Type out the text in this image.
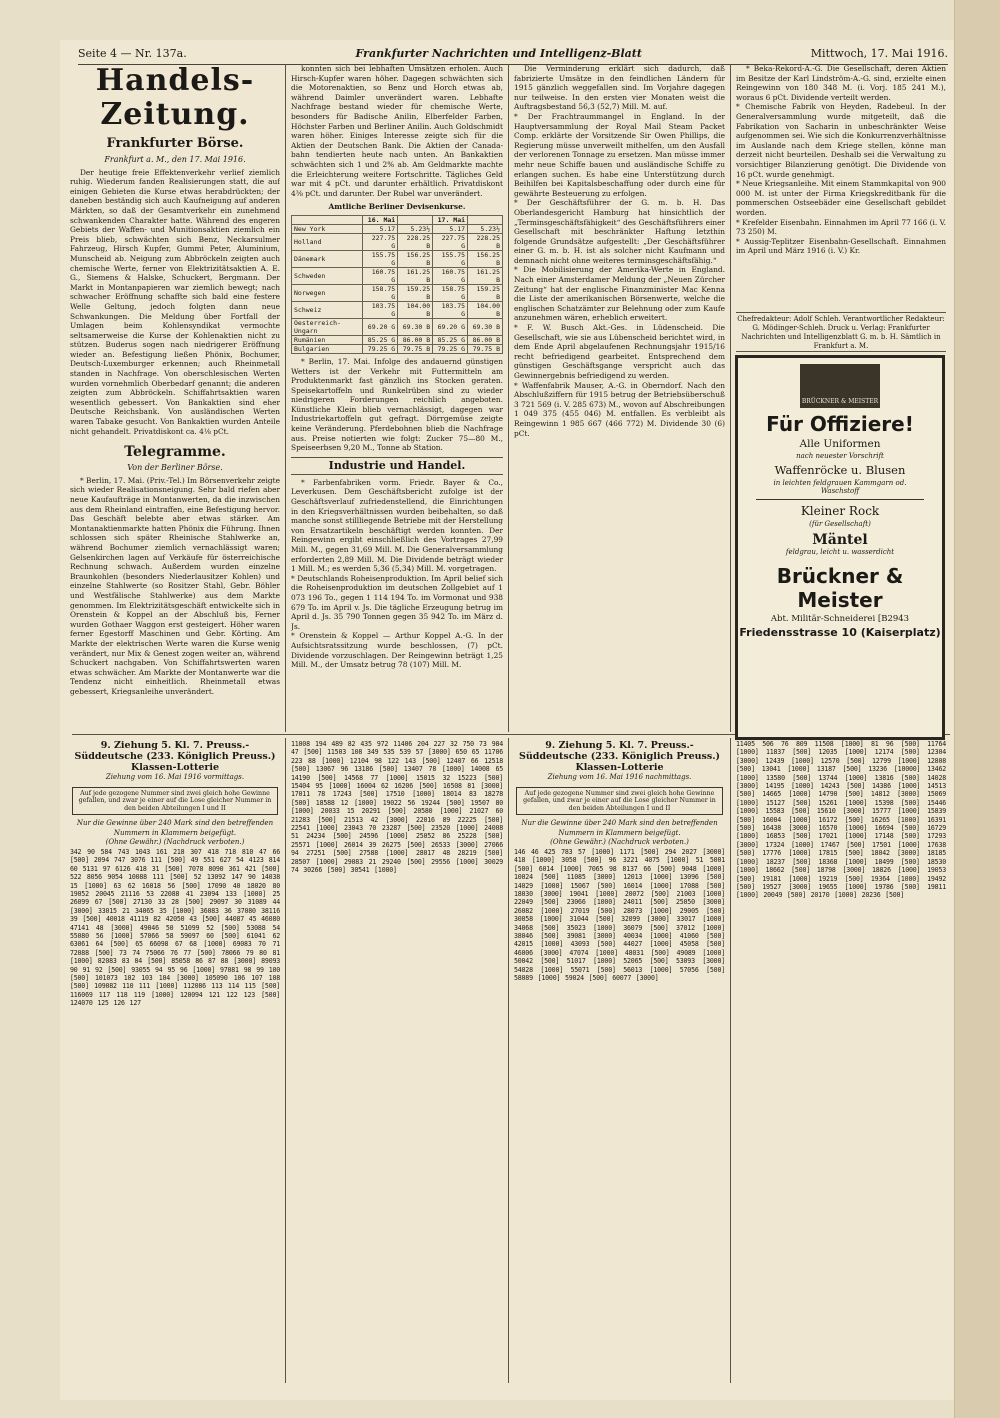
Seite 4 — Nr. 137a.	Frankfurter Nachrichten und Intelligenz-Blatt	Mittwoch, 17. Mai 1916.
Handels-Zeitung.
Frankfurter Börse.
Frankfurt a. M., den 17. Mai 1916.

Der heutige freie Effektenverkehr verlief ziemlich ruhig. Wiederum fanden Realisierungen statt, die auf einigen Gebieten die Kurse etwas herabdrückten; der daneben beständig sich auch Kaufneigung auf anderen Märkten, so daß der Gesamtverkehr ein zunehmend schwankenden Charakter hatte. Während des engeren Gebiets der Waffen- und Munitionsaktien ziemlich ein Preis blieb, schwächten sich Benz, Neckarsulmer Fahrzeug, Hirsch Kupfer, Gummi Peter, Aluminium, Munscheid ab. Neigung zum Abbröckeln zeigten auch chemische Werte, ferner von Elektrizitätsaktien A. E. G., Siemens & Halske, Schuckert, Bergmann. Der Markt in Montanpapieren war ziemlich bewegt; nach schwacher Eröffnung schaffte sich bald eine festere Welle Geltung, jedoch folgten dann neue Schwankungen. Die Meldung über Fortfall der Umlagen beim Kohlensyndikat vermochte seltsamerweise die Kurse der Kohlenaktien nicht zu stützen. Buderus sogen nach niedrigerer Eröffnung wieder an. Befestigung ließen Phönix, Bochumer, Deutsch-Luxemburger erkennen; auch Rheinmetall standen in Nachfrage. Von oberschlesischen Werten wurden vornehmlich Oberbedarf genannt; die anderen zeigten zum Abbröckeln. Schiffahrtsaktien waren wesentlich gebessert. Von Bankaktien sind eher Deutsche Reichsbank. Von ausländischen Werten waren Tabake gesucht. Von Bankaktien wurden Anteile nicht gehandelt. Privatdiskont ca. 4⅛ pCt.

Telegramme.
Von der Berliner Börse.

* Berlin, 17. Mai. (Priv.-Tel.) Im Börsenverkehr zeigte sich wieder Realisationsneigung. Sehr bald riefen aber neue Kaufaufträge in Montanwerten, da die inzwischen aus dem Rheinland eintraffen, eine Befestigung hervor. Das Geschäft belebte aber etwas stärker. Am Montanaktienmarkte hatten Phönix die Führung. Ihnen schlossen sich später Rheinische Stahlwerke an, während Bochumer ziemlich vernachlässigt waren; Gelsenkirchen lagen auf Verkäufe für österreichische Rechnung schwach. Außerdem wurden einzelne Braunkohlen (besonders Niederlausitzer Kohlen) und einzelne Stahlwerte (so Rositzer Stahl, Gebr. Böhler und Westfälische Stahlwerke) aus dem Markte genommen. Im Elektrizitätsgeschäft entwickelte sich in Orenstein & Koppel an der Abschluß bis, Ferner wurden Gothaer Waggon erst gesteigert. Höher waren ferner Egestorff Maschinen und Gebr. Körting. Am Markte der elektrischen Werte waren die Kurse wenig verändert, nur Mix & Genest zogen weiter an, während Schuckert nachgaben. Von Schiffahrtswerten waren etwas schwächer. Am Markte der Montanwerte war die Tendenz nicht einheitlich. Rheinmetall etwas gebessert, Kriegsanleihe unverändert.

konnten sich bei lebhaften Umsätzen erholen. Auch Hirsch-Kupfer waren höher. Dagegen schwächten sich die Motorenaktien, so Benz und Horch etwas ab, während Daimler unverändert waren. Lebhafte Nachfrage bestand wieder für chemische Werte, besonders für Badische Anilin, Elberfelder Farben, Höchster Farben und Berliner Anilin. Auch Goldschmidt waren höher. Einiges Interesse zeigte sich für die Aktien der Deutschen Bank. Die Aktien der Canada-bahn tendierten heute nach unten. An Bankaktien schwächten sich 1 und 2% ab. Am Geldmarkte machte die Erleichterung weitere Fortschritte. Tägliches Geld war mit 4 pCt. und darunter erhältlich. Privatdiskont 4⅜ pCt. und darunter. Der Rubel war unverändert.

Amtliche Berliner Devisenkurse.
	16. Mai		17. Mai	
New York	5.17	5.23½	5.17	5.23½
Holland	227.75 G	228.25 B	227.75 G	228.25 B
Dänemark	155.75 G	156.25 B	155.75 G	156.25 B
Schweden	160.75 G	161.25 B	160.75 G	161.25 B
Norwegen	158.75 G	159.25 B	158.75 G	159.25 B
Schweiz	103.75 G	104.00 B	103.75 G	104.00 B
Oesterreich-Ungarn	69.20 G	69.30 B	69.20 G	69.30 B
Rumänien	85.25 G	86.00 B	85.25 G	86.00 B
Bulgarien	79.25 G	79.75 B	79.25 G	79.75 B

* Berlin, 17. Mai. Infolge des andauernd günstigen Wetters ist der Verkehr mit Futtermitteln am Produktenmarkt fast gänzlich ins Stocken geraten. Speisekartoffeln und Runkelrüben sind zu wieder niedrigeren Forderungen reichlich angeboten. Künstliche Klein blieb vernachlässigt, dagegen war Industriekartoffeln gut gefragt. Dörrgemüse zeigte keine Veränderung. Pferdebohnen blieb die Nachfrage aus. Preise notierten wie folgt: Zucker 75—80 M., Speiseerbsen 9,20 M., Tonne ab Station.

Industrie und Handel.

* Farbenfabriken vorm. Friedr. Bayer & Co., Leverkusen. Dem Geschäftsbericht zufolge ist der Geschäftsverlauf zufriedenstellend, die Einrichtungen in den Kriegsverhältnissen wurden beibehalten, so daß manche sonst stillliegende Betriebe mit der Herstellung von Ersatzartikeln beschäftigt werden konnten. Der Reingewinn ergibt einschließlich des Vortrages 27,99 Mill. M., gegen 31,69 Mill. M. Die Generalversammlung erforderten 2,89 Mill. M. Die Dividende beträgt wieder 1 Mill. M.; es werden 5,36 (5,34) Mill. M. vorgetragen.
* Deutschlands Roheisenproduktion. Im April belief sich die Roheisenproduktion im deutschen Zollgebiet auf 1 073 196 To., gegen 1 114 194 To. im Vormonat und 938 679 To. im April v. Js. Die tägliche Erzeugung betrug im April d. Js. 35 790 Tonnen gegen 35 942 To. im März d. Js.
* Orenstein & Koppel — Arthur Koppel A.-G. In der Aufsichtsratssitzung wurde beschlossen, (7) pCt. Dividende vorzuschlagen. Der Reingewinn beträgt 1,25 Mill. M., der Umsatz betrug 78 (107) Mill. M.

Die Verminderung erklärt sich dadurch, daß fabrizierte Umsätze in den feindlichen Ländern für 1915 gänzlich weggefallen sind. Im Vorjahre dagegen nur teilweise. In den ersten vier Monaten weist die Auftragsbestand 56,3 (52,7) Mill. M. auf.
* Der Frachtraummangel in England. In der Hauptversammlung der Royal Mail Steam Packet Comp. erklärte der Vorsitzende Sir Owen Phillips, die Regierung müsse unverweilt mithelfen, um den Ausfall der verlorenen Tonnage zu ersetzen. Man müsse immer mehr neue Schiffe bauen und ausländische Schiffe zu erlangen suchen. Es habe eine Unterstützung durch Beihilfen bei Kapitalsbeschaffung oder durch eine für gewährte Besteuerung zu erfolgen.
* Der Geschäftsführer der G. m. b. H. Das Oberlandesgericht Hamburg hat hinsichtlich der „Terminsgeschäftsfähigkeit“ des Geschäftsführers einer Gesellschaft mit beschränkter Haftung letzthin folgende Grundsätze aufgestellt: „Der Geschäftsführer einer G. m. b. H. ist als solcher nicht Kaufmann und demnach nicht ohne weiteres terminsgeschäftsfähig.“
* Die Mobilisierung der Amerika-Werte in England. Nach einer Amsterdamer Meldung der „Neuen Zürcher Zeitung“ hat der englische Finanzminister Mac Kenna die Liste der amerikanischen Börsenwerte, welche die englischen Schatzämter zur Belehnung oder zum Kaufe anzunehmen wären, erheblich erweitert.
* F. W. Busch Akt.-Ges. in Lüdenscheid. Die Gesellschaft, wie sie aus Lübenscheid berichtet wird, in dem Ende April abgelaufenen Rechnungsjahr 1915/16 recht befriedigend gearbeitet. Entsprechend dem günstigen Geschäftsgange verspricht auch das Gewinnergebnis befriedigend zu werden.
* Waffenfabrik Mauser, A.-G. in Oberndorf. Nach den Abschlußziffern für 1915 betrug der Betriebsüberschuß 3 721 569 (i. V. 285 673) M., wovon auf Abschreibungen 1 049 375 (455 046) M. entfallen. Es verbleibt als Reingewinn 1 985 667 (466 772) M. Dividende 30 (6) pCt.

* Beka-Rekord-A.-G. Die Gesellschaft, deren Aktien im Besitze der Karl Lindström-A.-G. sind, erzielte einen Reingewinn von 180 348 M. (i. Vorj. 185 241 M.), woraus 6 pCt. Dividende verteilt werden.
* Chemische Fabrik von Heyden, Radebeul. In der Generalversammlung wurde mitgeteilt, daß die Fabrikation von Sacharin in unbeschränkter Weise aufgenommen sei. Wie sich die Konkurrenzverhältnisse im Auslande nach dem Kriege stellen, könne man derzeit nicht beurteilen. Deshalb sei die Verwaltung zu vorsichtiger Bilanzierung genötigt. Die Dividende von 16 pCt. wurde genehmigt.
* Neue Kriegsanleihe. Mit einem Stammkapital von 900 000 M. ist unter der Firma Kriegskreditbank für die pommerschen Ostseebäder eine Gesellschaft gebildet worden.
* Krefelder Eisenbahn. Einnahmen im April 77 166 (i. V. 73 250) M.
* Aussig-Teplitzer Eisenbahn-Gesellschaft. Einnahmen im April und März 1916 (i. V.) Kr.

Chefredakteur: Adolf Schleh. Verantwortlicher Redakteur: G. Mödinger-Schleh. Druck u. Verlag: Frankfurter Nachrichten und Intelligenzblatt G. m. b. H. Sämtlich in Frankfurt a. M.
BRÜCKNER & MEISTER
Für Offiziere!
Alle Uniformen
nach neuester Vorschrift
Waffenröcke u. Blusen
in leichten feldgrauen Kammgarn od. Waschstoff
Kleiner Rock
(für Gesellschaft)
Mäntel
feldgrau, leicht u. wasserdicht
Brückner & Meister
Abt. Militär-Schneiderei [B2943
Friedensstrasse 10 (Kaiserplatz)
9. Ziehung 5. Kl. 7. Preuss.-Süddeutsche (233. Königlich Preuss.) Klassen-Lotterie
Ziehung vom 16. Mai 1916 vormittags.
Auf jede gezogene Nummer sind zwei gleich hohe Gewinne gefallen, und zwar je einer auf die Lose gleicher Nummer in den beiden Abteilungen I und II
Nur die Gewinne über 240 Mark sind den betreffenden Nummern in Klammern beigefügt.
(Ohne Gewähr.) (Nachdruck verboten.)
342 90 584 743 1043 161 218 307 418 718 810 47 66 [500] 2094 747 3076 111 [500] 49 551 627 54 4123 814 60 5131 97 6126 418 31 [500] 7078 8090 361 421 [500] 522 8056 9054 10088 111 [500] 52 13092 147 90 14038 15 [1000] 63 62 16018 56 [500] 17090 40 18020 80 19052 20045 21116 53 22088 41 23094 133 [1000] 25 26099 67 [500] 27130 33 28 [500] 29097 30 31089 44 [3000] 33015 21 34065 35 [1000] 36083 36 37080 38116 39 [500] 40018 41119 82 42050 43 [500] 44087 45 46080 47141 48 [3000] 49046 50 51099 52 [500] 53088 54 55080 56 [1000] 57066 58 59097 60 [500] 61041 62 63061 64 [500] 65 66098 67 68 [1000] 69083 70 71 72088 [500] 73 74 75066 76 77 [500] 78066 79 80 81 [1000] 82083 83 84 [500] 85058 86 87 88 [3000] 89093 90 91 92 [500] 93055 94 95 96 [1000] 97081 98 99 100 [500] 101073 102 103 104 [3000] 105090 106 107 108 [500] 109082 110 111 [1000] 112086 113 114 115 [500] 116069 117 118 119 [1000] 120094 121 122 123 [500] 124070 125 126 127
11008 194 489 82 435 972 11406 204 227 32 750 73 984 47 [500] 11503 108 349 535 539 57 [3000] 650 65 11706 223 88 [1000] 12104 98 122 143 [500] 12407 66 12518 [500] 13067 96 13186 [500] 13407 78 [1000] 14008 65 14190 [500] 14568 77 [1000] 15015 32 15223 [500] 15404 95 [1000] 16004 62 16206 [500] 16508 81 [3000] 17011 78 17243 [500] 17510 [1000] 18014 83 18278 [500] 18588 12 [1000] 19022 56 19244 [500] 19507 80 [1000] 20033 15 20291 [500] 20580 [1000] 21027 60 21283 [500] 21513 42 [3000] 22016 89 22225 [500] 22541 [1000] 23043 70 23287 [500] 23520 [1000] 24008 51 24234 [500] 24596 [1000] 25052 86 25228 [500] 25571 [1000] 26014 39 26275 [500] 26533 [3000] 27066 94 27251 [500] 27588 [1000] 28017 48 28219 [500] 28507 [1000] 29083 21 29240 [500] 29556 [1000] 30029 74 30266 [500] 30541 [1000]
9. Ziehung 5. Kl. 7. Preuss.-Süddeutsche (233. Königlich Preuss.) Klassen-Lotterie
Ziehung vom 16. Mai 1916 nachmittags.
Auf jede gezogene Nummer sind zwei gleich hohe Gewinne gefallen, und zwar je einer auf die Lose gleicher Nummer in den beiden Abteilungen I und II
Nur die Gewinne über 240 Mark sind den betreffenden Nummern in Klammern beigefügt.
(Ohne Gewähr.) (Nachdruck verboten.)
146 46 425 783 57 [1000] 1171 [500] 294 2027 [3000] 418 [1000] 3058 [500] 96 3221 4075 [1000] 51 5001 [500] 6014 [1000] 7065 98 8137 66 [500] 9048 [1000] 10024 [500] 11085 [3000] 12013 [1000] 13096 [500] 14029 [1000] 15067 [500] 16014 [1000] 17088 [500] 18030 [3000] 19041 [1000] 20072 [500] 21003 [1000] 22049 [500] 23066 [1000] 24011 [500] 25050 [3000] 26082 [1000] 27019 [500] 28073 [1000] 29005 [500] 30058 [1000] 31044 [500] 32099 [3000] 33017 [1000] 34068 [500] 35023 [1000] 36079 [500] 37012 [1000] 38046 [500] 39081 [3000] 40034 [1000] 41060 [500] 42015 [1000] 43093 [500] 44027 [1000] 45058 [500] 46006 [3000] 47074 [1000] 48031 [500] 49089 [1000] 50042 [500] 51017 [1000] 52065 [500] 53093 [3000] 54028 [1000] 55071 [500] 56013 [1000] 57056 [500] 58089 [1000] 59024 [500] 60077 [3000]
11405 506 76 809 11508 [1000] 81 96 [500] 11764 [1000] 11837 [500] 12035 [1000] 12174 [500] 12304 [3000] 12439 [1000] 12570 [500] 12799 [1000] 12808 [500] 13041 [1000] 13187 [500] 13236 [10000] 13462 [1000] 13580 [500] 13744 [1000] 13816 [500] 14028 [3000] 14195 [1000] 14243 [500] 14386 [1000] 14513 [500] 14665 [1000] 14790 [500] 14812 [3000] 15069 [1000] 15127 [500] 15261 [1000] 15398 [500] 15446 [1000] 15583 [500] 15610 [3000] 15777 [1000] 15839 [500] 16004 [1000] 16172 [500] 16265 [1000] 16391 [500] 16438 [3000] 16570 [1000] 16694 [500] 16729 [1000] 16853 [500] 17021 [1000] 17148 [500] 17293 [3000] 17324 [1000] 17467 [500] 17501 [1000] 17638 [500] 17776 [1000] 17815 [500] 18042 [3000] 18185 [1000] 18237 [500] 18368 [1000] 18499 [500] 18530 [1000] 18662 [500] 18798 [3000] 18826 [1000] 19053 [500] 19181 [1000] 19219 [500] 19364 [1000] 19492 [500] 19527 [3000] 19655 [1000] 19786 [500] 19811 [1000] 20049 [500] 20170 [1000] 20236 [500]
